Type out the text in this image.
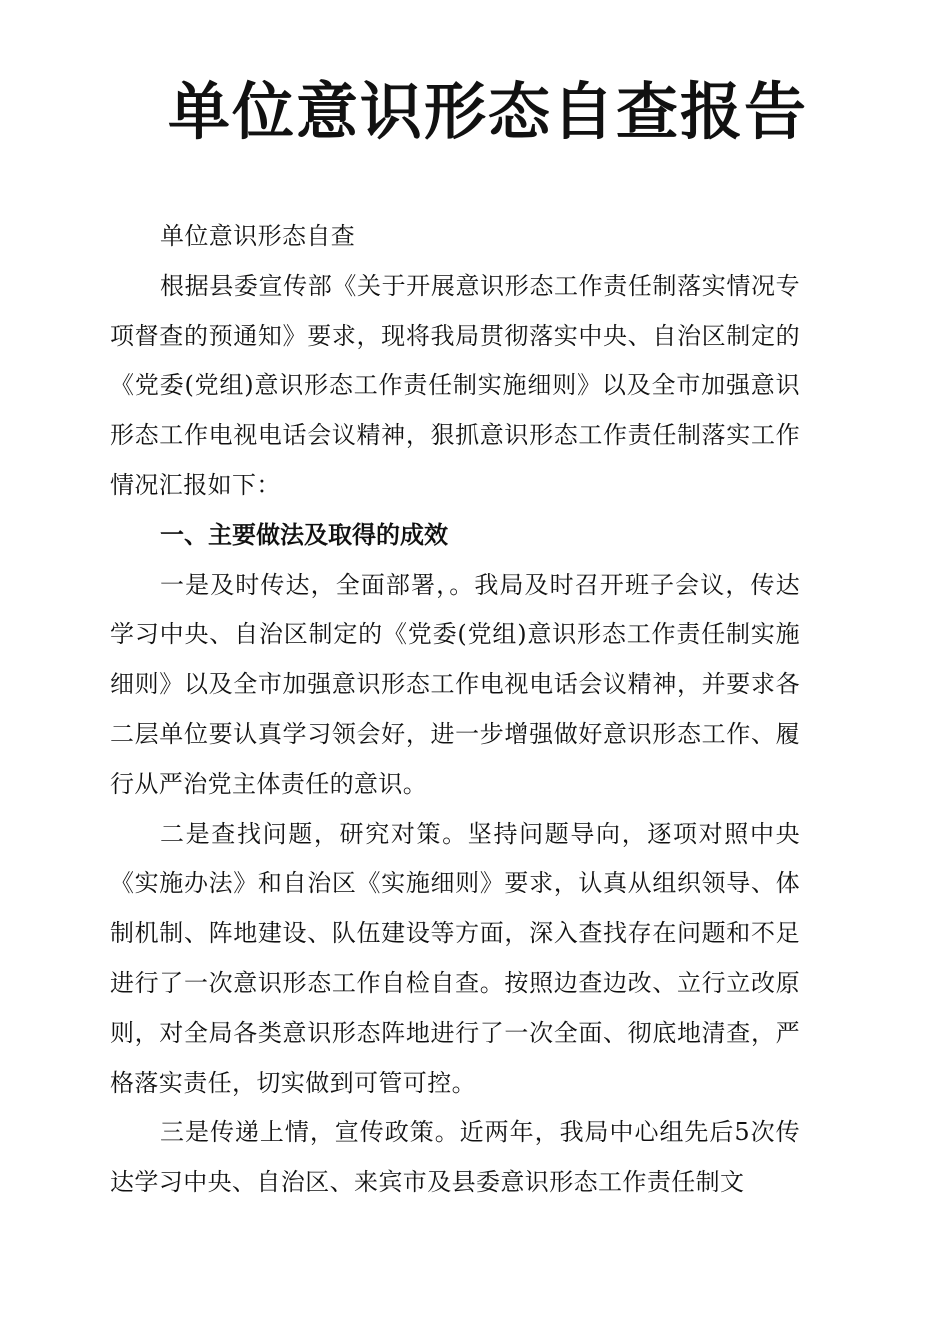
单位意识形态自查报告

单位意识形态自查

根据县委宣传部《关于开展意识形态工作责任制落实情况专项督查的预通知》要求，现将我局贯彻落实中央、自治区制定的《党委(党组)意识形态工作责任制实施细则》以及全市加强意识形态工作电视电话会议精神，狠抓意识形态工作责任制落实工作情况汇报如下：

一、主要做法及取得的成效

一是及时传达，全面部署，。我局及时召开班子会议，传达学习中央、自治区制定的《党委(党组)意识形态工作责任制实施细则》以及全市加强意识形态工作电视电话会议精神，并要求各二层单位要认真学习领会好，进一步增强做好意识形态工作、履行从严治党主体责任的意识。

二是查找问题，研究对策。坚持问题导向，逐项对照中央《实施办法》和自治区《实施细则》要求，认真从组织领导、体制机制、阵地建设、队伍建设等方面，深入查找存在问题和不足进行了一次意识形态工作自检自查。按照边查边改、立行立改原则，对全局各类意识形态阵地进行了一次全面、彻底地清查，严格落实责任，切实做到可管可控。

三是传递上情，宣传政策。近两年，我局中心组先后5次传达学习中央、自治区、来宾市及县委意识形态工作责任制文
